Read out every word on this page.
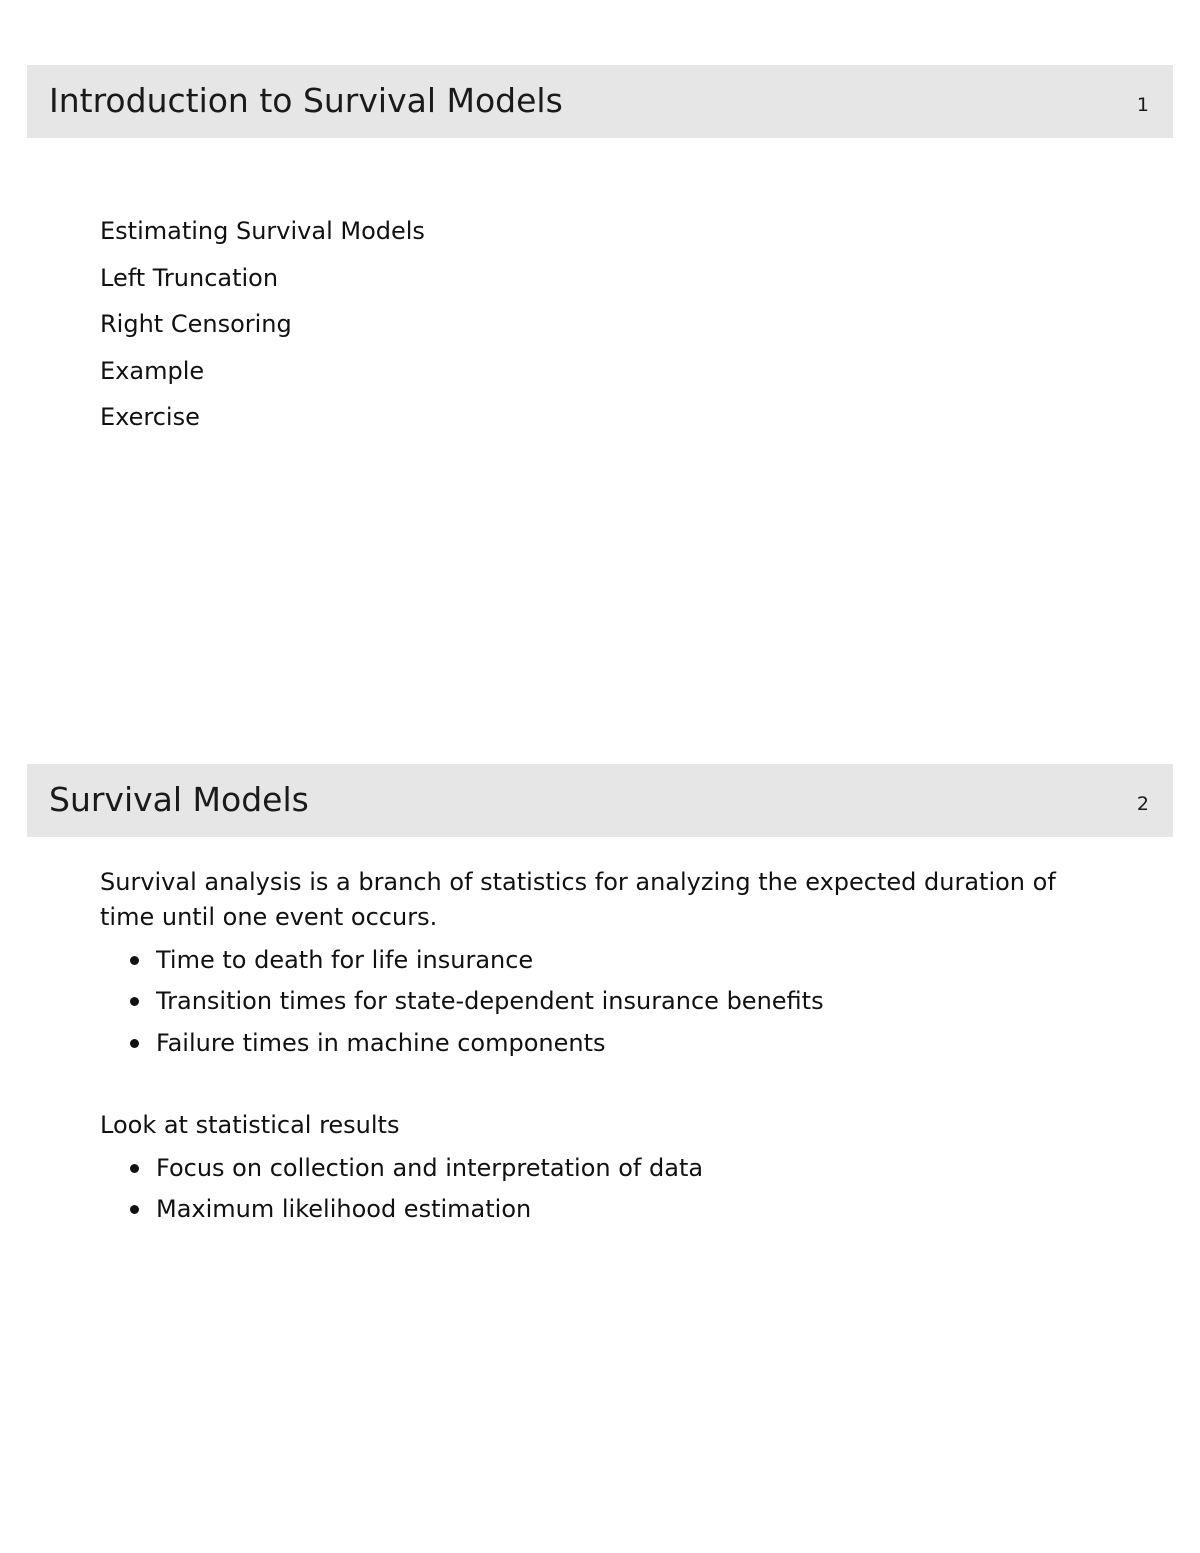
Introduction to Survival Models	1
Estimating Survival Models
Left Truncation
Right Censoring
Example
Exercise
Survival Models	2

Survival analysis is a branch of statistics for analyzing the expected duration of time until one event occurs.

Time to death for life insurance
Transition times for state-dependent insurance benefits
Failure times in machine components

Look at statistical results

Focus on collection and interpretation of data
Maximum likelihood estimation
